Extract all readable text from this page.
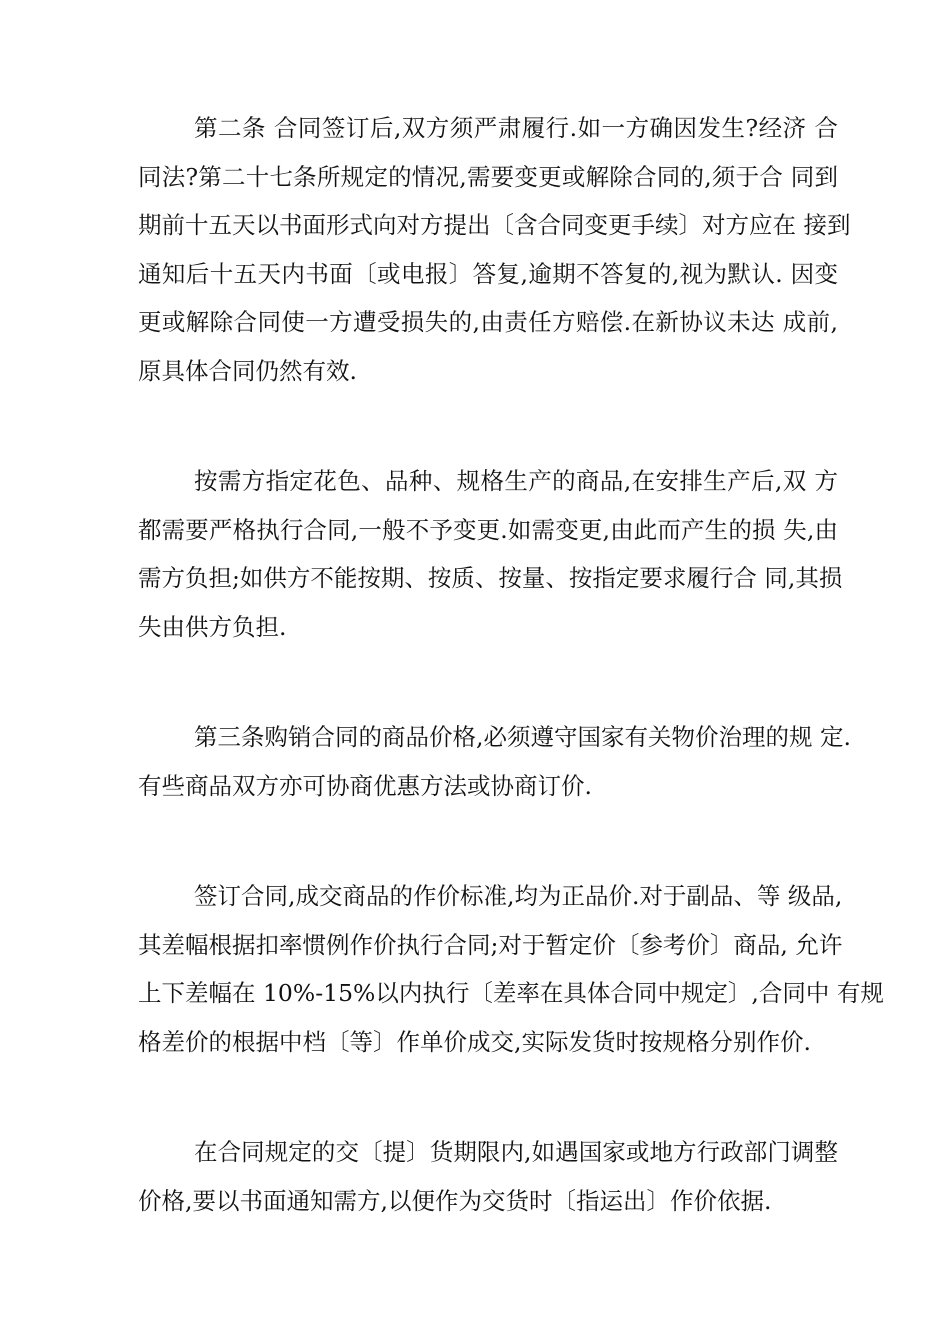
第二条 合同签订后,双方须严肃履行.如一方确因发生?经济 合
同法?第二十七条所规定的情况,需要变更或解除合同的,须于合 同到
期前十五天以书面形式向对方提出〔含合同变更手续〕对方应在 接到
通知后十五天内书面〔或电报〕答复,逾期不答复的,视为默认. 因变
更或解除合同使一方遭受损失的,由责任方赔偿.在新协议未达 成前,
原具体合同仍然有效.
按需方指定花色、品种、规格生产的商品,在安排生产后,双 方
都需要严格执行合同,一般不予变更.如需变更,由此而产生的损 失,由
需方负担;如供方不能按期、按质、按量、按指定要求履行合 同,其损
失由供方负担.
第三条购销合同的商品价格,必须遵守国家有关物价治理的规 定.
有些商品双方亦可协商优惠方法或协商订价.
签订合同,成交商品的作价标准,均为正品价.对于副品、等 级品,
其差幅根据扣率惯例作价执行合同;对于暂定价〔参考价〕商品, 允许
上下差幅在 10%-15%以内执行〔差率在具体合同中规定〕,合同中 有规
格差价的根据中档〔等〕作单价成交,实际发货时按规格分别作价.
在合同规定的交〔提〕货期限内,如遇国家或地方行政部门调整
价格,要以书面通知需方,以便作为交货时〔指运出〕作价依据.
